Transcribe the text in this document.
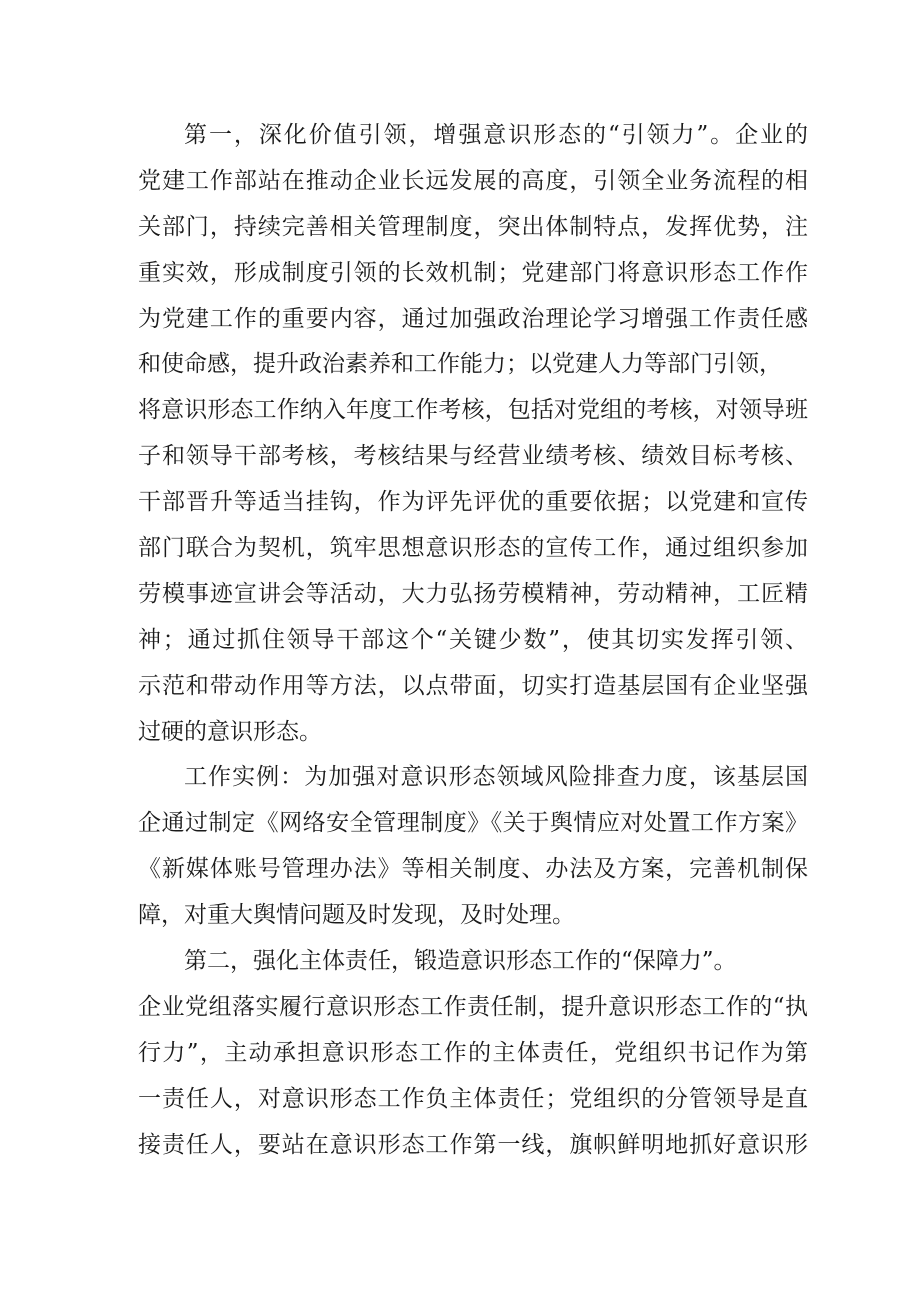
第一，深化价值引领，增强意识形态的“引领力”。企业的
党建工作部站在推动企业长远发展的高度，引领全业务流程的相
关部门，持续完善相关管理制度，突出体制特点，发挥优势，注
重实效，形成制度引领的长效机制；党建部门将意识形态工作作
为党建工作的重要内容，通过加强政治理论学习增强工作责任感
和使命感，提升政治素养和工作能力；以党建人力等部门引领，
将意识形态工作纳入年度工作考核，包括对党组的考核，对领导班
子和领导干部考核，考核结果与经营业绩考核、绩效目标考核、
干部晋升等适当挂钩，作为评先评优的重要依据；以党建和宣传
部门联合为契机，筑牢思想意识形态的宣传工作，通过组织参加
劳模事迹宣讲会等活动，大力弘扬劳模精神，劳动精神，工匠精
神；通过抓住领导干部这个“关键少数”，使其切实发挥引领、
示范和带动作用等方法，以点带面，切实打造基层国有企业坚强
过硬的意识形态。
工作实例：为加强对意识形态领域风险排查力度，该基层国
企通过制定《网络安全管理制度》《关于舆情应对处置工作方案》
《新媒体账号管理办法》等相关制度、办法及方案，完善机制保
障，对重大舆情问题及时发现，及时处理。
第二，强化主体责任，锻造意识形态工作的“保障力”。
企业党组落实履行意识形态工作责任制，提升意识形态工作的“执
行力”，主动承担意识形态工作的主体责任，党组织书记作为第
一责任人，对意识形态工作负主体责任；党组织的分管领导是直
接责任人，要站在意识形态工作第一线，旗帜鲜明地抓好意识形
